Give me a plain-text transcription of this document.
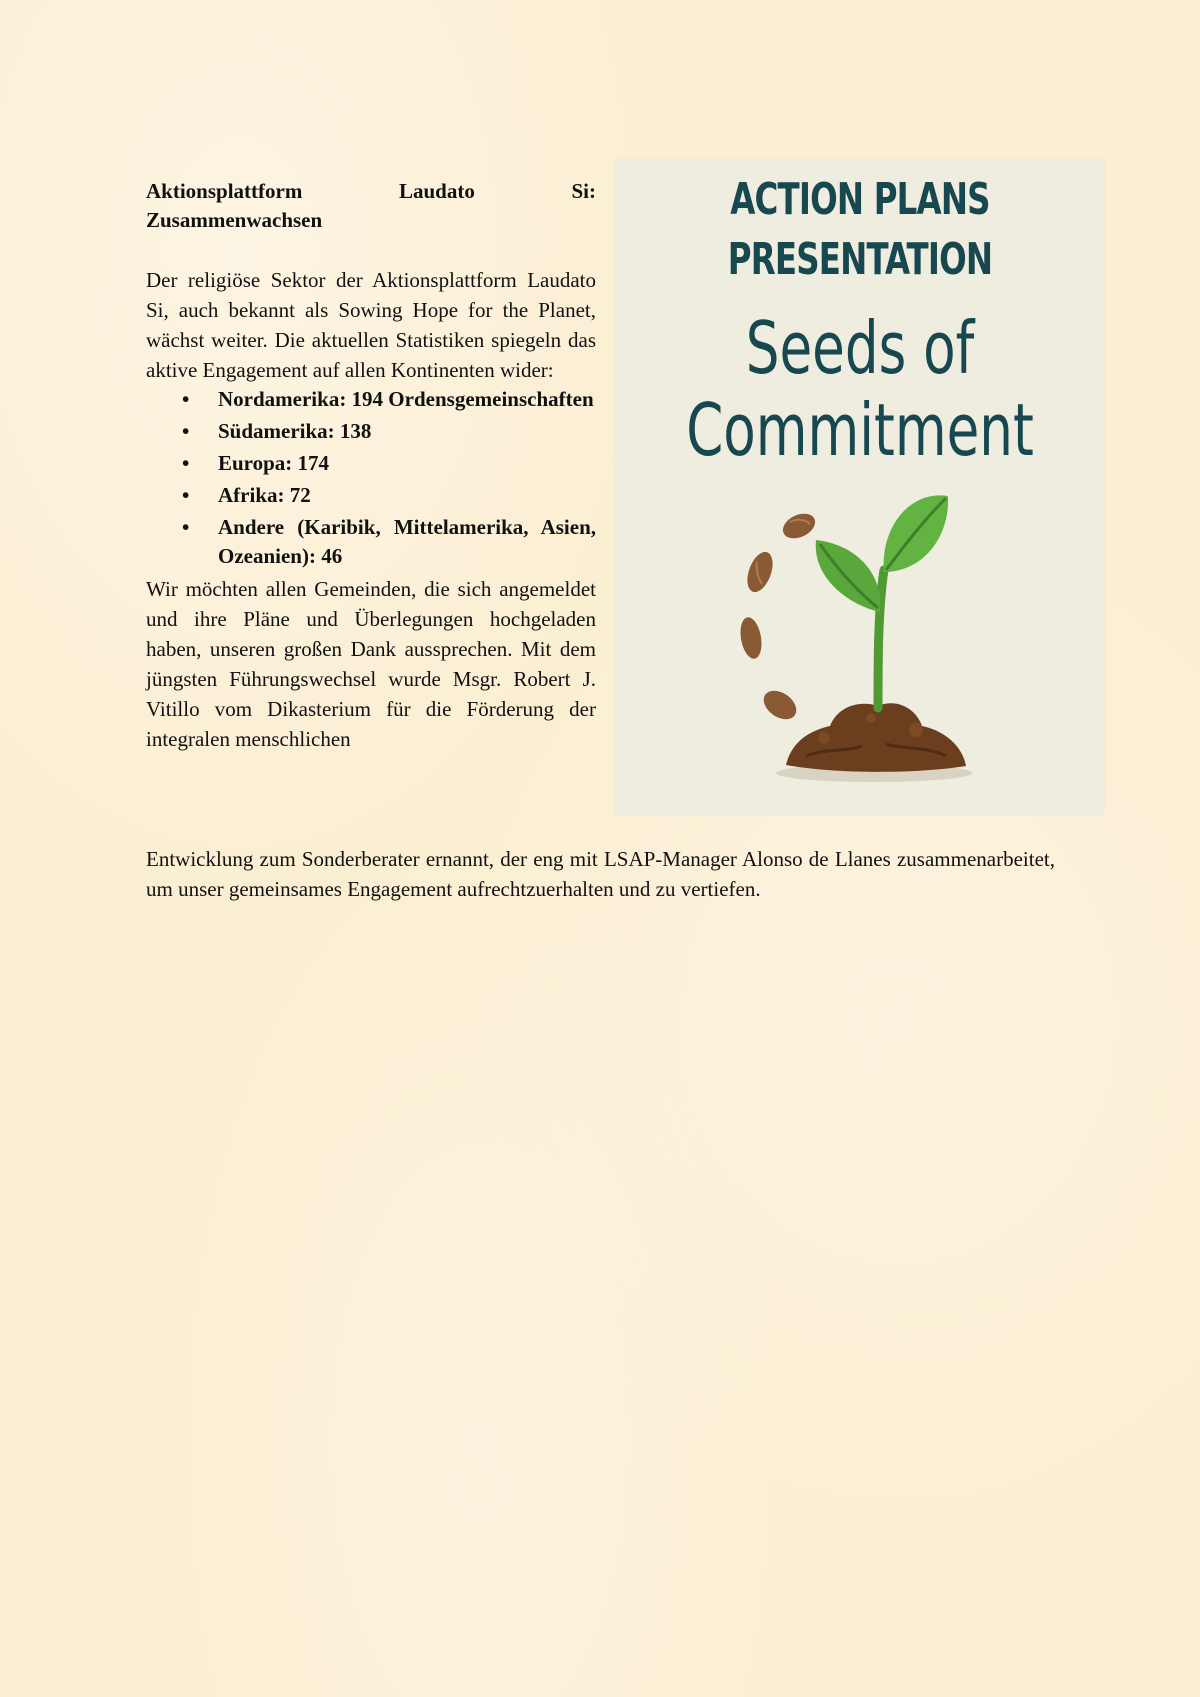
Aktionsplattform Laudato Si:

Zusammenwachsen

Der religiöse Sektor der Aktionsplattform Laudato Si, auch bekannt als Sowing Hope for the Planet, wächst weiter. Die aktuellen Statistiken spiegeln das aktive Engagement auf allen Kontinenten wider:

• Nordamerika: 194 Ordensgemeinschaften
• Südamerika: 138
• Europa: 174
• Afrika: 72
• Andere (Karibik, Mittelamerika, Asien, Ozeanien): 46

Wir möchten allen Gemeinden, die sich angemeldet und ihre Pläne und Überlegungen hochgeladen haben, unseren großen Dank aussprechen. Mit dem jüngsten Führungswechsel wurde Msgr. Robert J. Vitillo vom Dikasterium für die Förderung der integralen menschlichen

Entwicklung zum Sonderberater ernannt, der eng mit LSAP-Manager Alonso de Llanes zusammenarbeitet, um unser gemeinsames Engagement aufrechtzuerhalten und zu vertiefen.

ACTION PLANS
PRESENTATION
Seeds of
Commitment
